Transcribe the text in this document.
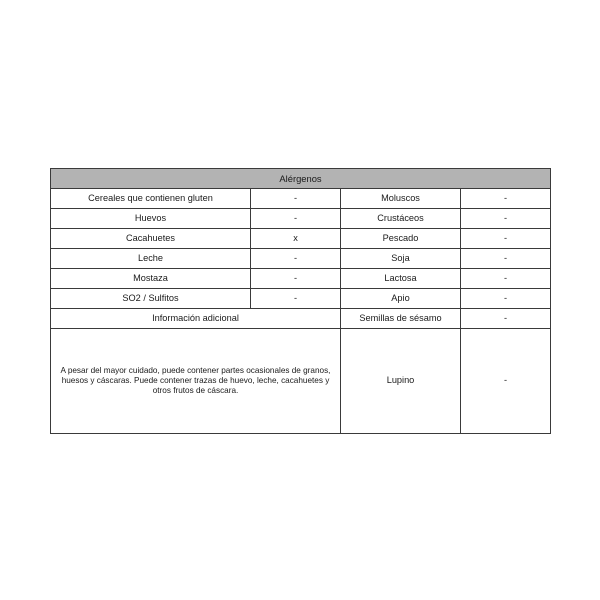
Alérgenos			
Cereales que contienen gluten	-	Moluscos	-
Huevos	-	Crustáceos	-
Cacahuetes	x	Pescado	-
Leche	-	Soja	-
Mostaza	-	Lactosa	-
SO2 / Sulfitos	-	Apio	-
Información adicional		Semillas de sésamo	-

A pesar del mayor cuidado, puede contener partes ocasionales de granos, huesos y cáscaras. Puede contener trazas de huevo, leche, cacahuetes y otros frutos de cáscara.		Lupino	-
